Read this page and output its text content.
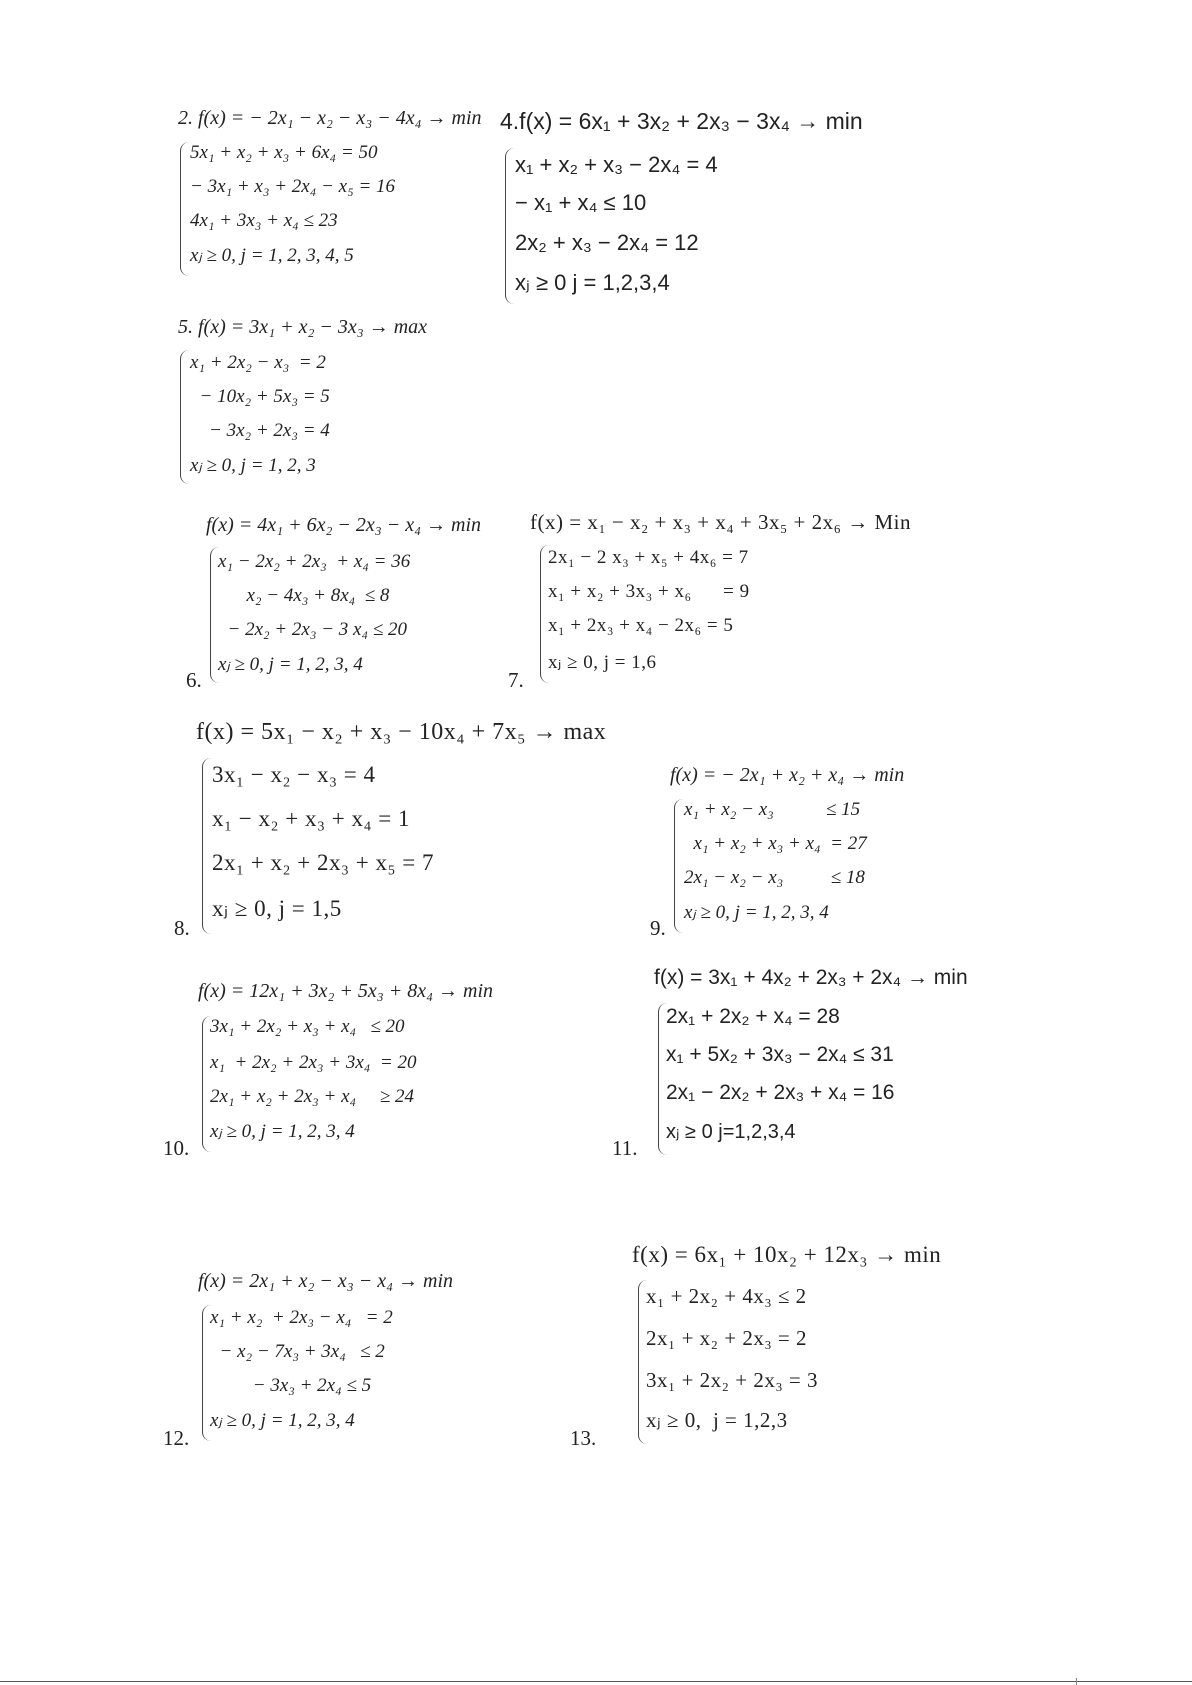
2. f(x) = − 2x₁ − x₂ − x₃ − 4x₄ → min
5x₁ + x₂ + x₃ + 6x₄ = 50
− 3x₁ + x₃ + 2x₄ − x₅ = 16
4x₁ + 3x₃ + x₄ ≤ 23
xⱼ ≥ 0, j = 1, 2, 3, 4, 5
4.f(x) = 6x₁ + 3x₂ + 2x₃ − 3x₄ → min
x₁ + x₂ + x₃ − 2x₄ = 4
− x₁ + x₄ ≤ 10
2x₂ + x₃ − 2x₄ = 12
xⱼ ≥ 0 j = 1,2,3,4
5. f(x) = 3x₁ + x₂ − 3x₃ → max
x₁ + 2x₂ − x₃  = 2
− 10x₂ + 5x₃ = 5
− 3x₂ + 2x₃ = 4
xⱼ ≥ 0, j = 1, 2, 3
6.
f(x) = 4x₁ + 6x₂ − 2x₃ − x₄ → min
x₁ − 2x₂ + 2x₃  + x₄ = 36
x₂ − 4x₃ + 8x₄  ≤ 8
− 2x₂ + 2x₃ − 3 x₄ ≤ 20
xⱼ ≥ 0, j = 1, 2, 3, 4
7.
f(x) = x₁ − x₂ + x₃ + x₄ + 3x₅ + 2x₆ → Min
2x₁ − 2 x₃ + x₅ + 4x₆ = 7
x₁ + x₂ + 3x₃ + x₆      = 9
x₁ + 2x₃ + x₄ − 2x₆ = 5
xⱼ ≥ 0, j = 1,6
8.
f(x) = 5x₁ − x₂ + x₃ − 10x₄ + 7x₅ → max
3x₁ − x₂ − x₃ = 4
x₁ − x₂ + x₃ + x₄ = 1
2x₁ + x₂ + 2x₃ + x₅ = 7
xⱼ ≥ 0, j = 1,5
9.
f(x) = − 2x₁ + x₂ + x₄ → min
x₁ + x₂ − x₃           ≤ 15
x₁ + x₂ + x₃ + x₄  = 27
2x₁ − x₂ − x₃          ≤ 18
xⱼ ≥ 0, j = 1, 2, 3, 4
10.
f(x) = 12x₁ + 3x₂ + 5x₃ + 8x₄ → min
3x₁ + 2x₂ + x₃ + x₄   ≤ 20
x₁  + 2x₂ + 2x₃ + 3x₄  = 20
2x₁ + x₂ + 2x₃ + x₄     ≥ 24
xⱼ ≥ 0, j = 1, 2, 3, 4
11.
f(x) = 3x₁ + 4x₂ + 2x₃ + 2x₄ → min
2x₁ + 2x₂ + x₄ = 28
x₁ + 5x₂ + 3x₃ − 2x₄ ≤ 31
2x₁ − 2x₂ + 2x₃ + x₄ = 16
xⱼ ≥ 0 j=1,2,3,4
12.
f(x) = 2x₁ + x₂ − x₃ − x₄ → min
x₁ + x₂  + 2x₃ − x₄   = 2
− x₂ − 7x₃ + 3x₄   ≤ 2
− 3x₃ + 2x₄ ≤ 5
xⱼ ≥ 0, j = 1, 2, 3, 4
13.
f(x) = 6x₁ + 10x₂ + 12x₃ → min
x₁ + 2x₂ + 4x₃ ≤ 2
2x₁ + x₂ + 2x₃ = 2
3x₁ + 2x₂ + 2x₃ = 3
xⱼ ≥ 0,  j = 1,2,3
